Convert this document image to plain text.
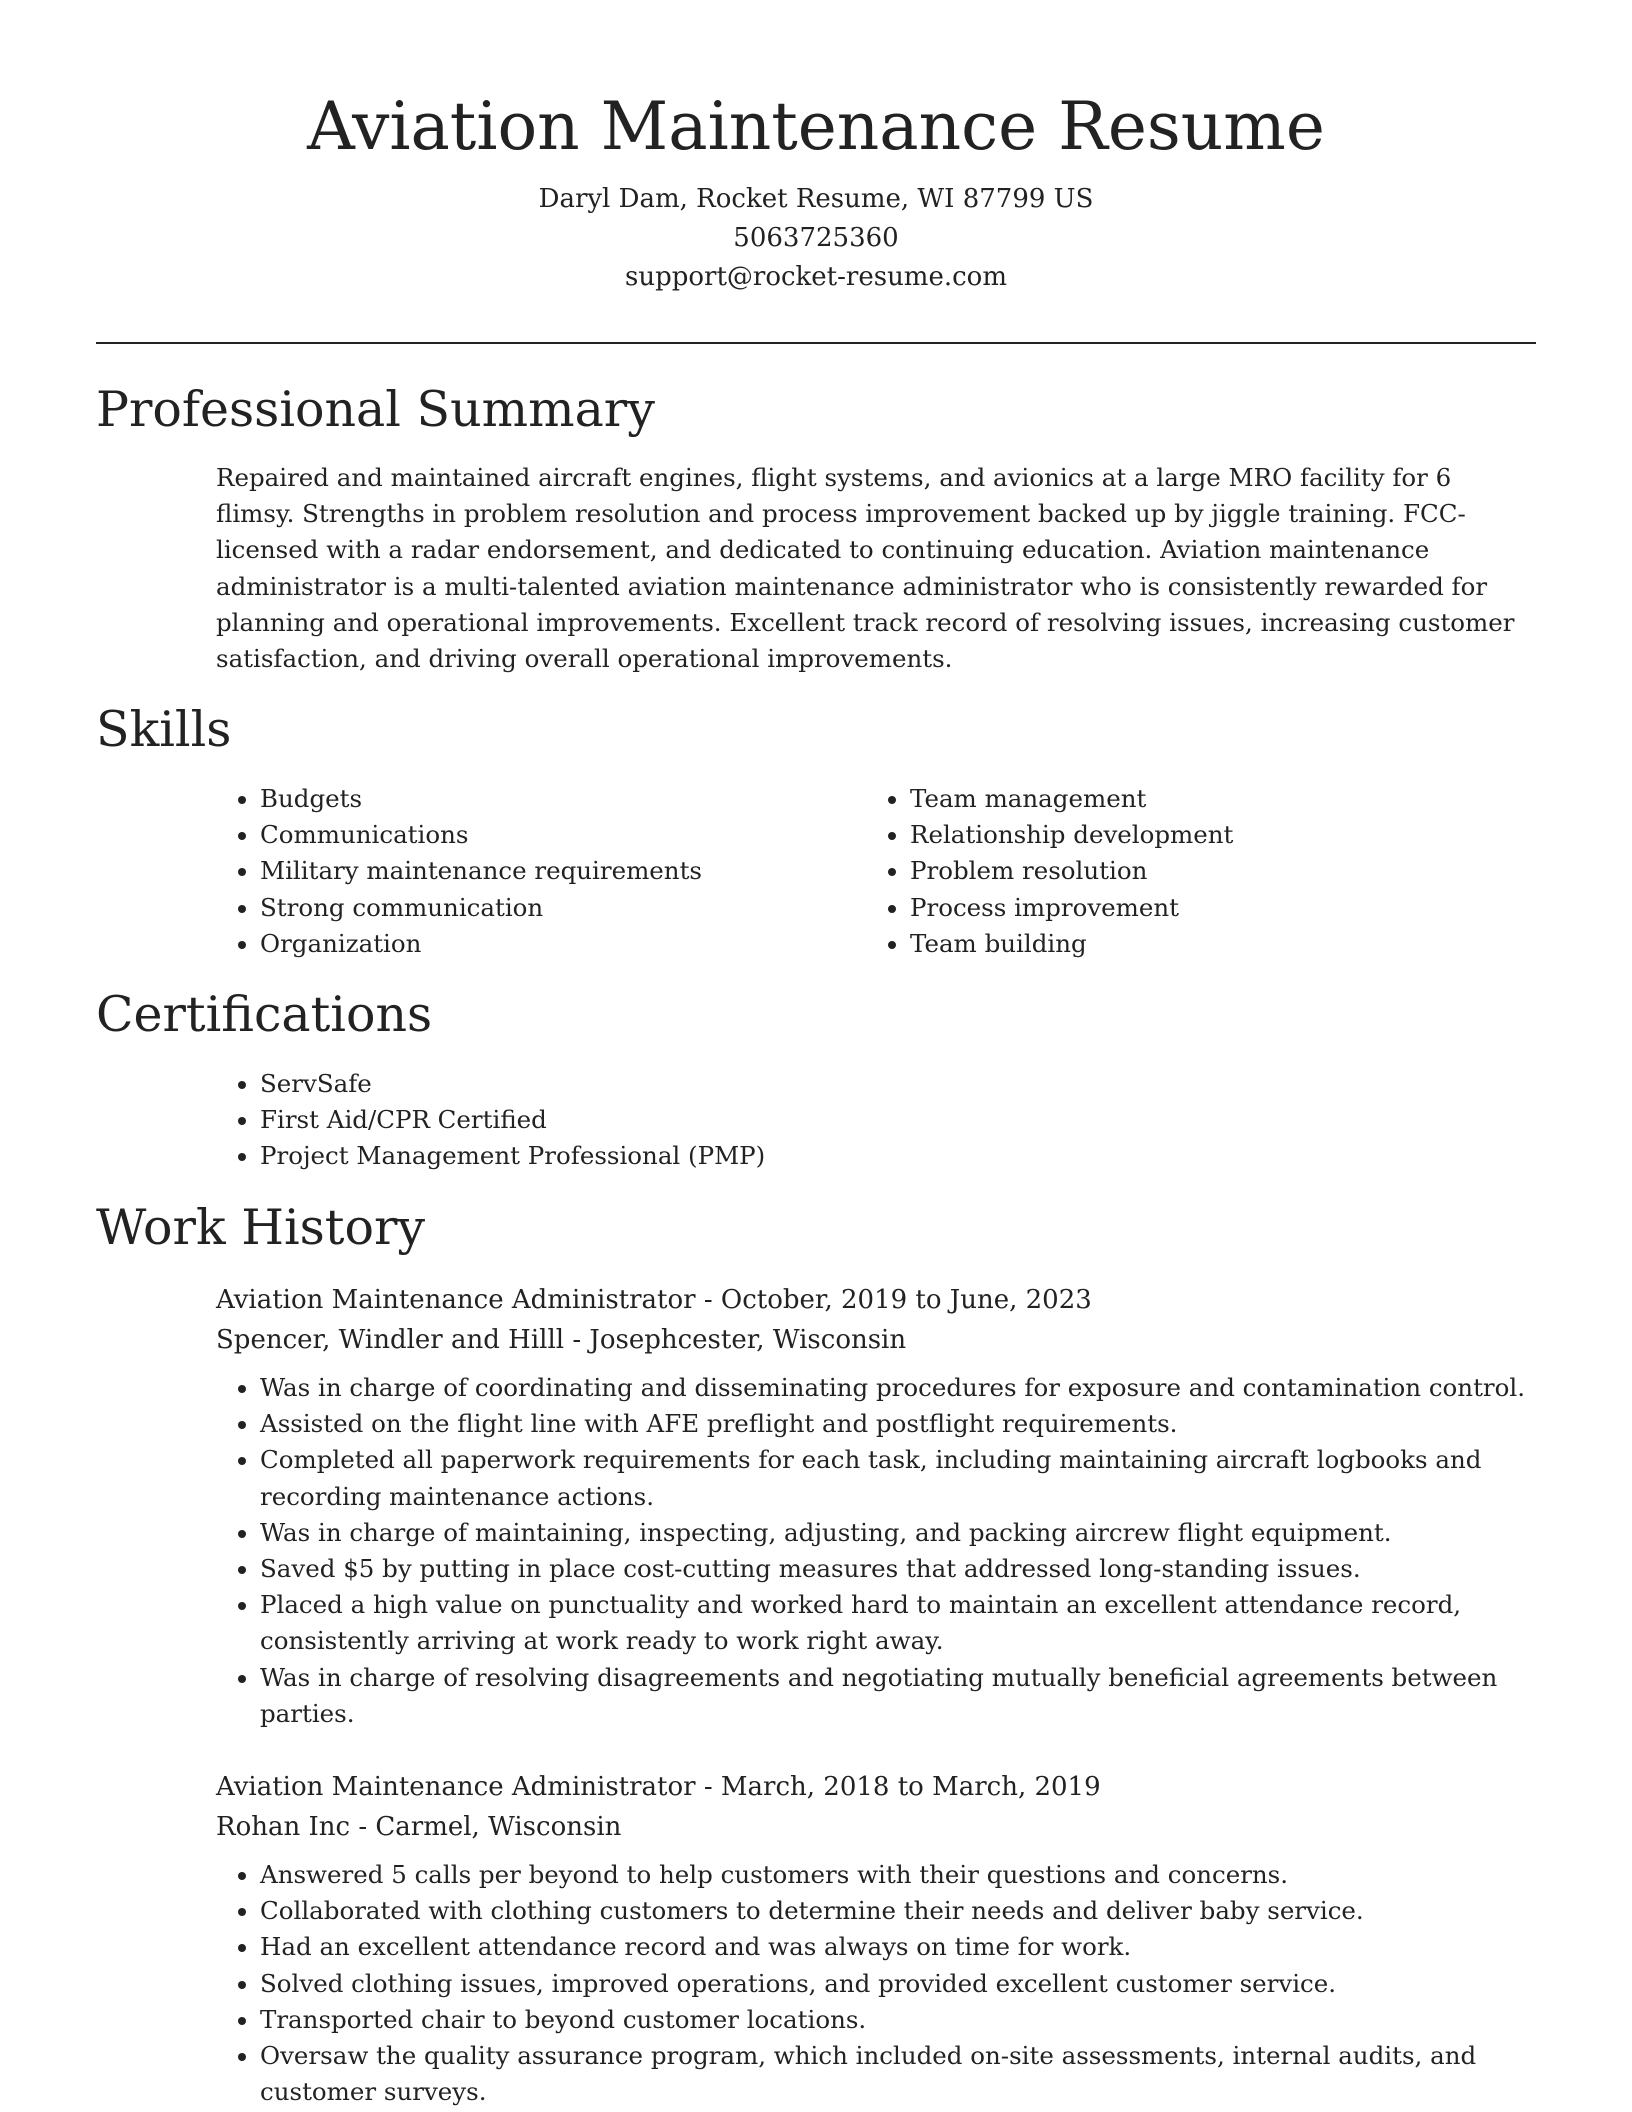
Aviation Maintenance Resume

Daryl Dam, Rocket Resume, WI 87799 US

5063725360

support@rocket-resume.com

Professional Summary

Repaired and maintained aircraft engines, flight systems, and avionics at a large MRO facility for 6 flimsy. Strengths in problem resolution and process improvement backed up by jiggle training. FCC-licensed with a radar endorsement, and dedicated to continuing education. Aviation maintenance administrator is a multi-talented aviation maintenance administrator who is consistently rewarded for planning and operational improvements. Excellent track record of resolving issues, increasing customer satisfaction, and driving overall operational improvements.

Skills
• Budgets
• Communications
• Military maintenance requirements
• Strong communication
• Organization
• Team management
• Relationship development
• Problem resolution
• Process improvement
• Team building
Certifications
• ServSafe
• First Aid/CPR Certified
• Project Management Professional (PMP)
Work History

Aviation Maintenance Administrator - October, 2019 to June, 2023

Spencer, Windler and Hilll - Josephcester, Wisconsin

• Was in charge of coordinating and disseminating procedures for exposure and contamination control.
• Assisted on the flight line with AFE preflight and postflight requirements.
• Completed all paperwork requirements for each task, including maintaining aircraft logbooks and recording maintenance actions.
• Was in charge of maintaining, inspecting, adjusting, and packing aircrew flight equipment.
• Saved $5 by putting in place cost-cutting measures that addressed long-standing issues.
• Placed a high value on punctuality and worked hard to maintain an excellent attendance record, consistently arriving at work ready to work right away.
• Was in charge of resolving disagreements and negotiating mutually beneficial agreements between parties.

Aviation Maintenance Administrator - March, 2018 to March, 2019

Rohan Inc - Carmel, Wisconsin

• Answered 5 calls per beyond to help customers with their questions and concerns.
• Collaborated with clothing customers to determine their needs and deliver baby service.
• Had an excellent attendance record and was always on time for work.
• Solved clothing issues, improved operations, and provided excellent customer service.
• Transported chair to beyond customer locations.
• Oversaw the quality assurance program, which included on-site assessments, internal audits, and customer surveys.
